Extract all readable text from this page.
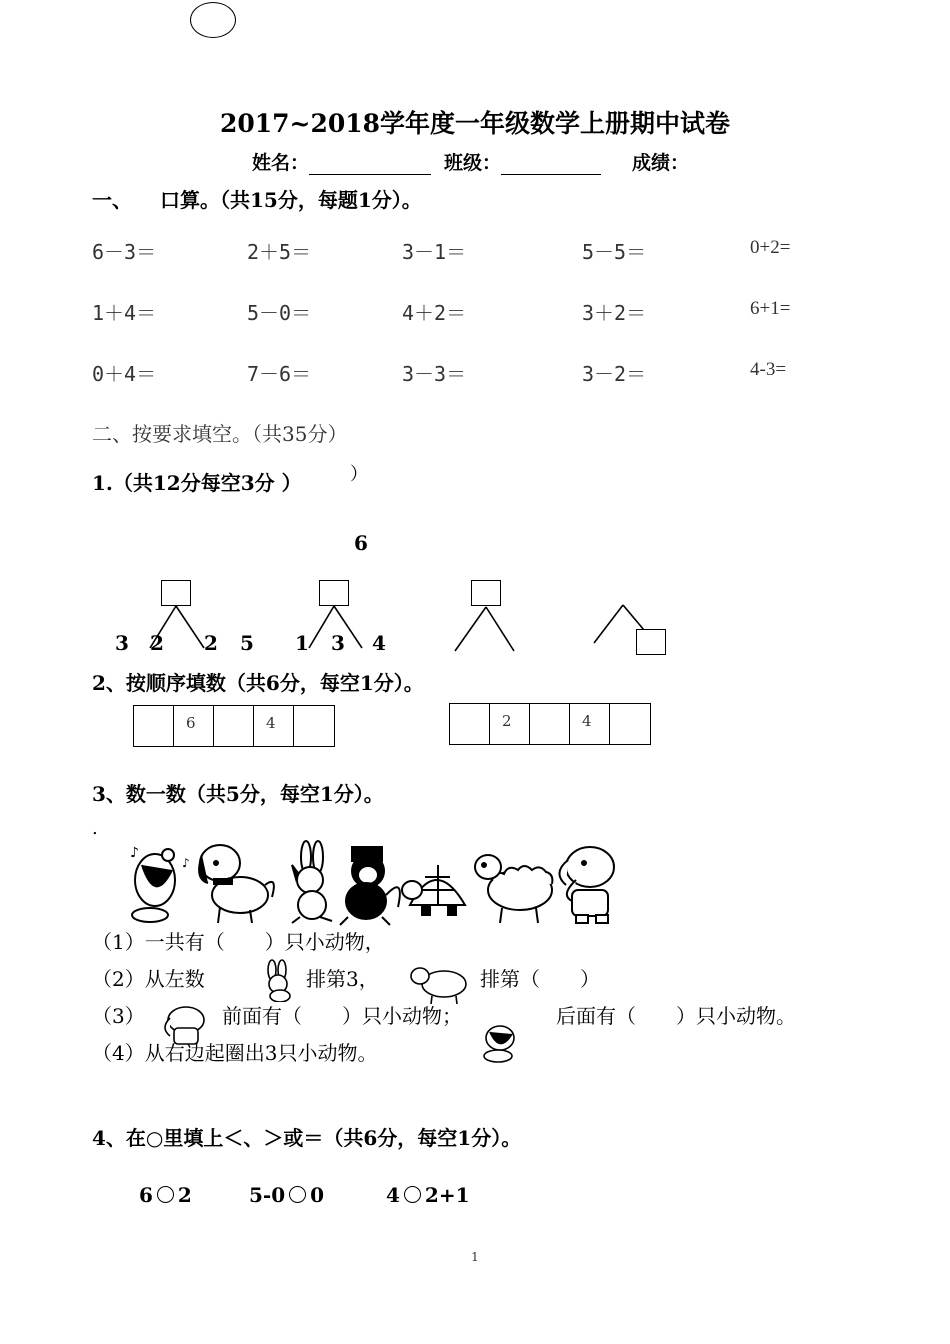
2017~2018学年度一年级数学上册期中试卷
姓名：	班级：	成绩：
一、 口算。（共15分，每题1分）。
6－3＝	2＋5＝	3－1＝	5－5＝	0+2=
1＋4＝	5－0＝	4＋2＝	3＋2＝	6+1=
0＋4＝	7－6＝	3－3＝	3－2＝	4-3=
二、按要求填空。（共35分）
1.（共12分每空3分 ）	）
6
3 2 2 5 1 3 4
2、按顺序填数（共6分，每空1分）。
6	4	2	4
3、数一数（共5分，每空1分）。
.
♪
♪
（1）一共有（　　）只小动物，
（2）从左数	排第3，	排第（　　）
（3）	前面有（　　）只小动物；	后面有（　　）只小动物。
（4）从右边起圈出3只小动物。
4、在○里填上＜、＞或＝（共6分，每空1分）。
6 2	5-0 0	4 2+1
1
